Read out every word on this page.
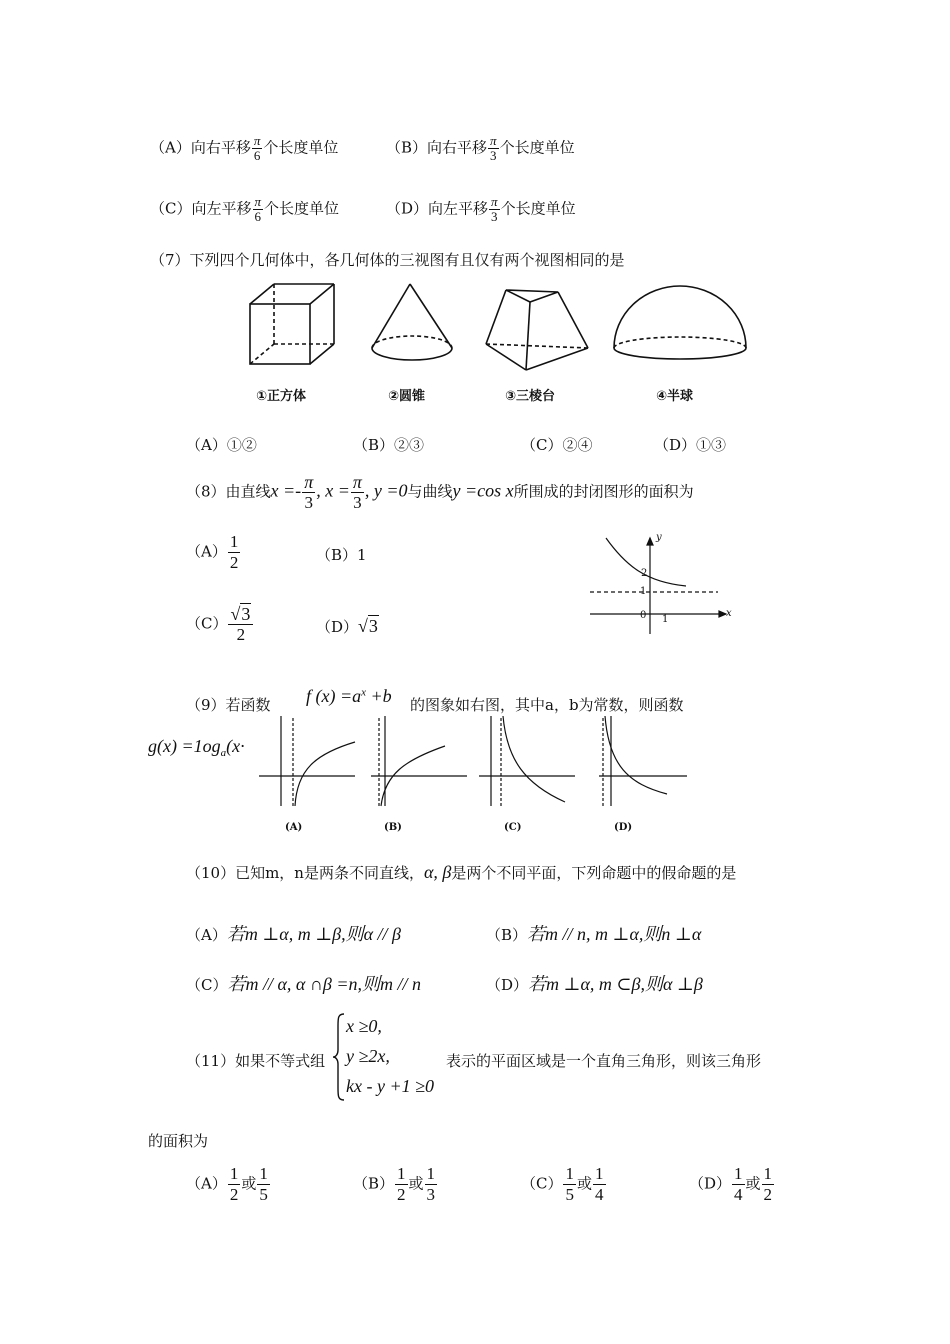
（A）向右平移 $\frac{\pi}{6}$ 个长度单位	（B）向右平移 $\frac{\pi}{3}$ 个长度单位
（C）向左平移 $\frac{\pi}{6}$ 个长度单位	（D）向左平移 $\frac{\pi}{3}$ 个长度单位
（7）下列四个几何体中，各几何体的三视图有且仅有两个视图相同的是
①正方体	②圆锥	③三棱台	④半球
（A）①②	（B）②③	（C）②④	（D）①③
（8）由直线$x =- \frac{\pi}{3}$ , $x = \frac{\pi}{3}$ , y =0与曲线y =cos x所围成的封闭图形的面积为
$(A) \frac{1}{2}$	（B）1
$(C) \frac{√3}{2}$	（D）√3
y
x
0 1
1
2
（9）若函数 f $(x) =a^x +b$ 的图象如右图，其中a，b为常数，则函数
$g(x) =1og_a(x\cdot$
(A)	(B)	(C)	(D)
（10）已知m，n是两条不同直线，α, β是两个不同平面，下列命题中的假命题的是
（A）若m ⊥α, m ⊥β,则α // β	（B）若m // n, m ⊥α,则n ⊥α
（C）若m // α, α ∩β =n,则m // n	（D）若m ⊥α, m ⊂β,则α ⊥β
（11）如果不等式组
x ≥0,
y ≥2x,
kx - y +1 ≥0
表示的平面区域是一个直角三角形，则该三角形
的面积为
$(A) \frac{1}{2}$ 或 $\frac{1}{5}$	$(B) \frac{1}{2}$ 或 $\frac{1}{3}$	$(C) \frac{1}{5}$ 或 $\frac{1}{4}$	$(D) \frac{1}{4}$ 或 $\frac{1}{2}$
